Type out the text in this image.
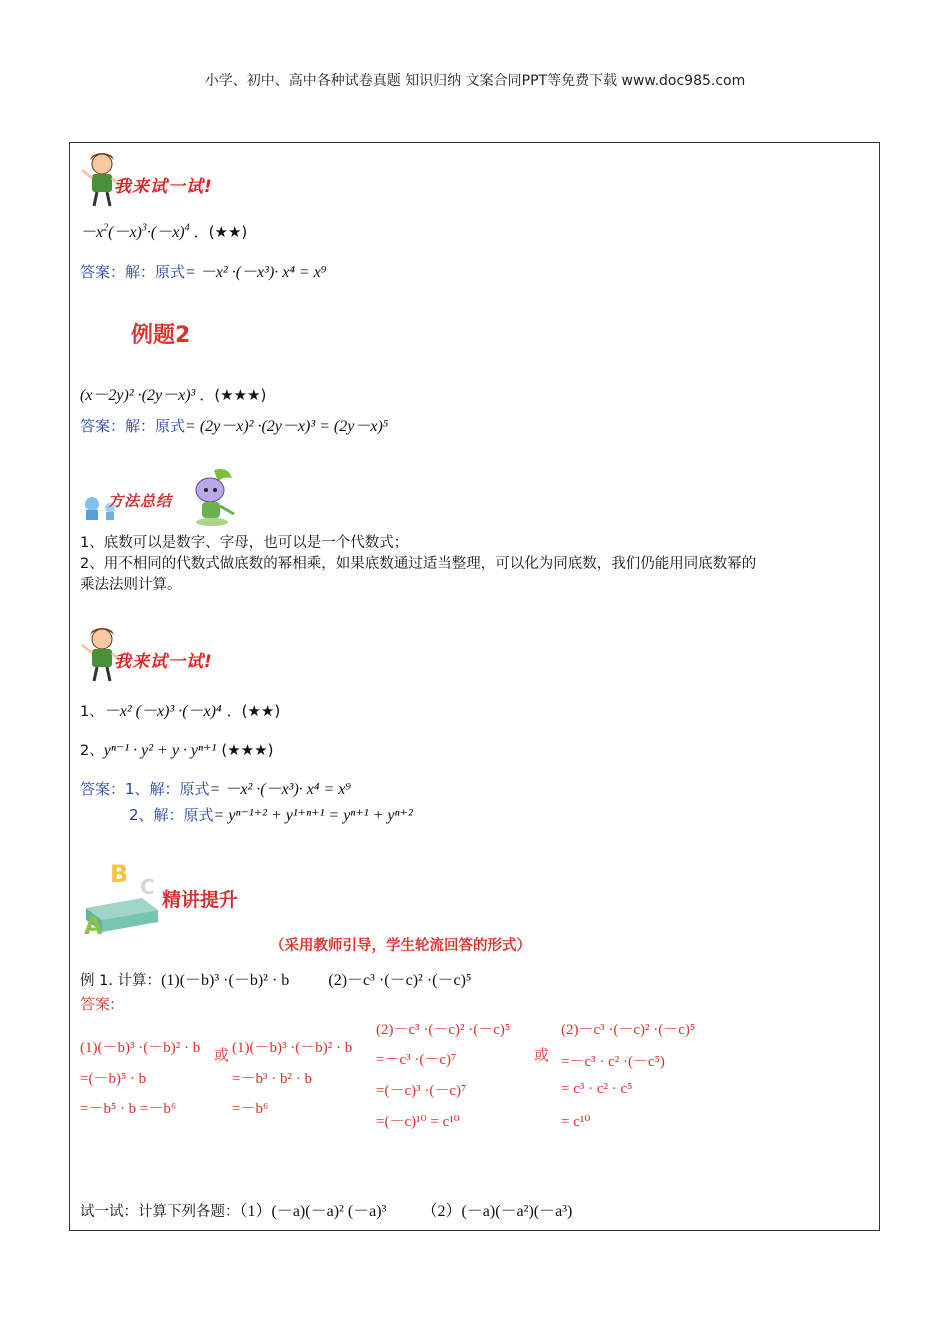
小学、初中、高中各种试卷真题 知识归纳 文案合同PPT等免费下载 www.doc985.com
我来试一试!
$-x^2(-x)^3\cdot(-x)^4$ ．(★★)
答案：解：原式= －x² ·(－x³)· x⁴ = x⁹
例题2
(x－2y)² ·(2y－x)³ ．(★★★)
答案：解：原式= (2y－x)² ·(2y－x)³ = (2y－x)⁵
方法总结
1、底数可以是数字、字母，也可以是一个代数式；
2、用不相同的代数式做底数的幂相乘，如果底数通过适当整理，可以化为同底数，我们仍能用同底数幂的
乘法法则计算。
我来试一试!
1、－x² (－x)³ ·(－x)⁴ ．(★★)
2、yⁿ⁻¹ · y² + y · yⁿ⁺¹ (★★★)
答案：1、解：原式= －x² ·(－x³)· x⁴ = x⁹
2、解：原式= yⁿ⁻¹⁺² + y¹⁺ⁿ⁺¹ = yⁿ⁺¹ + yⁿ⁺²
B C
A
精讲提升
（采用教师引导，学生轮流回答的形式）
例 1. 计算：(1)(－b)³ ·(－b)² · b (2)－c³ ·(－c)² ·(－c)⁵
答案:
(1)(－b)³ ·(－b)² · b
=(－b)⁵ · b
=－b⁵ · b =－b⁶
或 (1)(－b)³ ·(－b)² · b
=－b³ · b² · b
=－b⁶
(2)－c³ ·(－c)² ·(－c)⁵
=－c³ ·(－c)⁷
=(－c)³ ·(－c)⁷
=(－c)¹⁰ = c¹⁰
或
(2)－c³ ·(－c)² ·(－c)⁵
=－c³ · c² ·(－c⁵)
= c³ · c² · c⁵
= c¹⁰
试一试：计算下列各题：（1）(－a)(－a)² (－a)³ （2）(－a)(－a²)(－a³)
